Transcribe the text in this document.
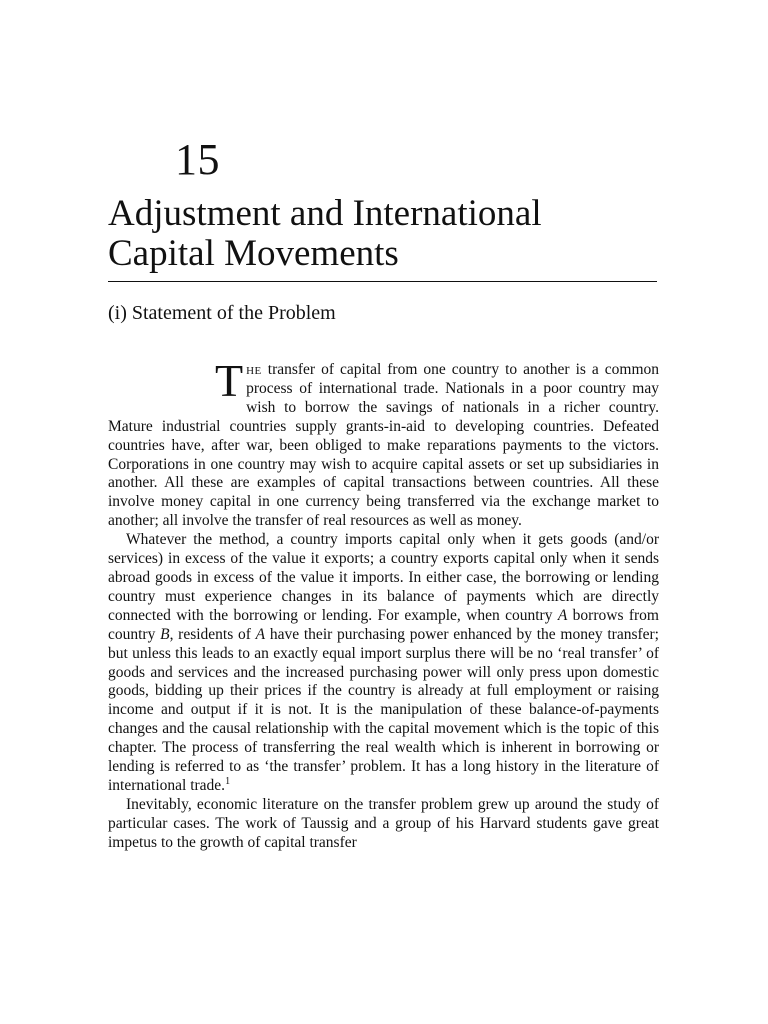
15
Adjustment and International
Capital Movements
(i) Statement of the Problem

The transfer of capital from one country to another is a common process of international trade. Nationals in a poor country may wish to borrow the savings of nationals in a richer country. Mature industrial countries supply grants-in-aid to developing countries. Defeated countries have, after war, been obliged to make reparations payments to the victors. Corporations in one country may wish to acquire capital assets or set up subsidiaries in another. All these are examples of capital transactions between countries. All these involve money capital in one currency being transferred via the exchange market to another; all involve the transfer of real resources as well as money.

Whatever the method, a country imports capital only when it gets goods (and/or services) in excess of the value it exports; a country exports capital only when it sends abroad goods in excess of the value it imports. In either case, the borrowing or lending country must experience changes in its balance of payments which are directly connected with the borrowing or lending. For example, when country A borrows from country B, residents of A have their purchasing power enhanced by the money transfer; but unless this leads to an exactly equal import surplus there will be no ‘real transfer’ of goods and services and the increased purchasing power will only press upon domestic goods, bidding up their prices if the country is already at full employment or raising income and output if it is not. It is the manipulation of these balance-of-payments changes and the causal relationship with the capital movement which is the topic of this chapter. The process of transferring the real wealth which is inherent in borrowing or lending is referred to as ‘the transfer’ problem. It has a long history in the literature of international trade.$^1$

Inevitably, economic literature on the transfer problem grew up around the study of particular cases. The work of Taussig and a group of his Harvard students gave great impetus to the growth of capital transfer
